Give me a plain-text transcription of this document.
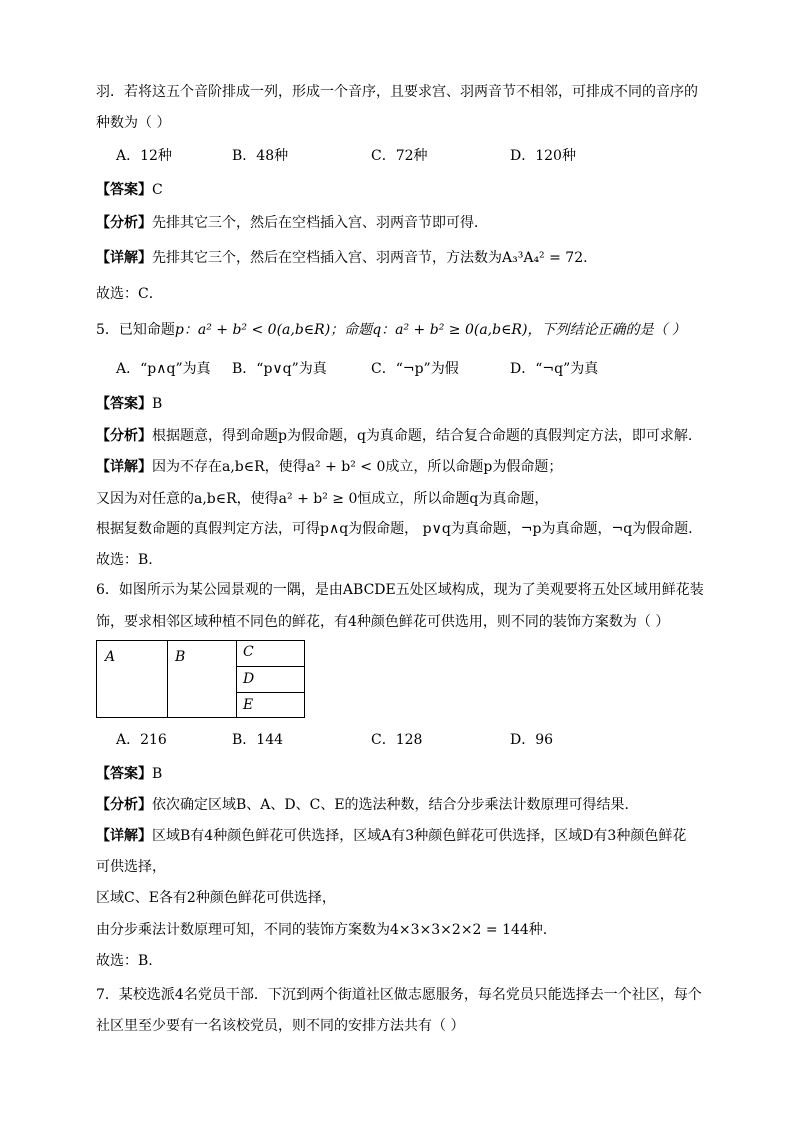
羽．若将这五个音阶排成一列，形成一个音序，且要求宫、羽两音节不相邻，可排成不同的音序的
种数为（ ）
A．12种	B．48种	C．72种	D．120种
【答案】C
【分析】先排其它三个，然后在空档插入宫、羽两音节即可得．
【详解】先排其它三个，然后在空档插入宫、羽两音节，方法数为A₃³A₄² = 72.
故选：C．
5．已知命题p：a² + b² < 0(a,b∈R)；命题q：a² + b² ≥ 0(a,b∈R)，下列结论正确的是（ ）
A．“p∧q”为真 B．“p∨q”为真	C．“¬p”为假	D．“¬q”为真
【答案】B
【分析】根据题意，得到命题p为假命题，q为真命题，结合复合命题的真假判定方法，即可求解.
【详解】因为不存在a,b∈R，使得a² + b² < 0成立，所以命题p为假命题；
又因为对任意的a,b∈R，使得a² + b² ≥ 0恒成立，所以命题q为真命题，
根据复数命题的真假判定方法，可得p∧q为假命题， p∨q为真命题，¬p为真命题，¬q为假命题.
故选：B.
6．如图所示为某公园景观的一隅，是由ABCDE五处区域构成，现为了美观要将五处区域用鲜花装
饰，要求相邻区域种植不同色的鲜花，有4种颜色鲜花可供选用，则不同的装饰方案数为（ ）
A	B	C
D
E
A．216	B．144	C．128	D．96
【答案】B
【分析】依次确定区域B、A、D、C、E的选法种数，结合分步乘法计数原理可得结果.
【详解】区域B有4种颜色鲜花可供选择，区域A有3种颜色鲜花可供选择，区域D有3种颜色鲜花
可供选择，
区域C、E各有2种颜色鲜花可供选择，
由分步乘法计数原理可知，不同的装饰方案数为4×3×3×2×2 = 144种.
故选：B.
7．某校选派4名党员干部．下沉到两个街道社区做志愿服务，每名党员只能选择去一个社区，每个
社区里至少要有一名该校党员，则不同的安排方法共有（ ）
